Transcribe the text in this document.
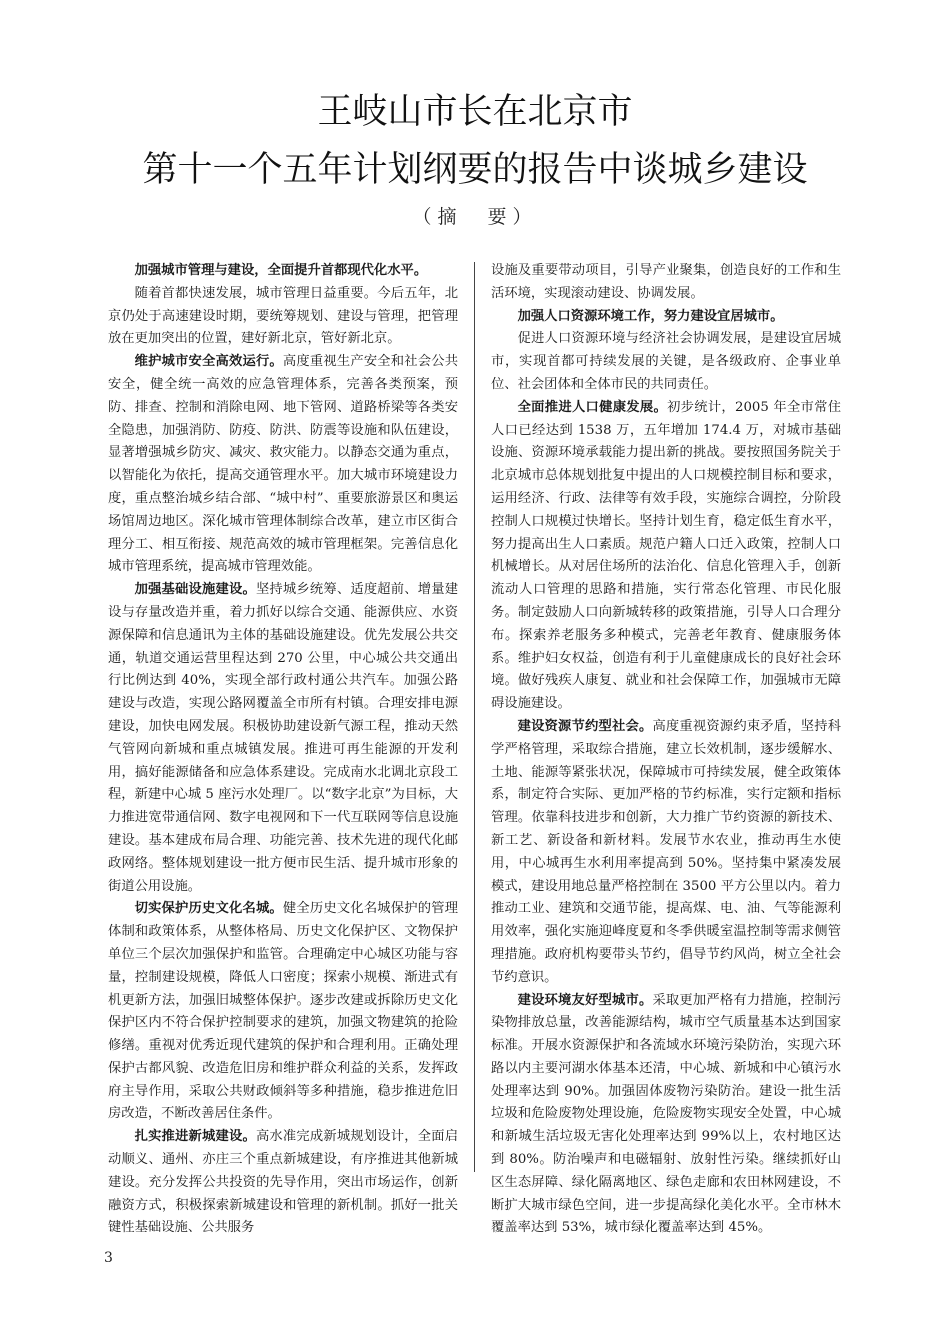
王岐山市长在北京市
第十一个五年计划纲要的报告中谈城乡建设
（摘　要）
加强城市管理与建设，全面提升首都现代化水平。

随着首都快速发展，城市管理日益重要。今后五年，北京仍处于高速建设时期，要统筹规划、建设与管理，把管理放在更加突出的位置，建好新北京，管好新北京。

维护城市安全高效运行。高度重视生产安全和社会公共安全，健全统一高效的应急管理体系，完善各类预案，预防、排查、控制和消除电网、地下管网、道路桥梁等各类安全隐患，加强消防、防疫、防洪、防震等设施和队伍建设，显著增强城乡防灾、减灾、救灾能力。以静态交通为重点，以智能化为依托，提高交通管理水平。加大城市环境建设力度，重点整治城乡结合部、“城中村”、重要旅游景区和奥运场馆周边地区。深化城市管理体制综合改革，建立市区街合理分工、相互衔接、规范高效的城市管理框架。完善信息化城市管理系统，提高城市管理效能。

加强基础设施建设。坚持城乡统筹、适度超前、增量建设与存量改造并重，着力抓好以综合交通、能源供应、水资源保障和信息通讯为主体的基础设施建设。优先发展公共交通，轨道交通运营里程达到 270 公里，中心城公共交通出行比例达到 40%，实现全部行政村通公共汽车。加强公路建设与改造，实现公路网覆盖全市所有村镇。合理安排电源建设，加快电网发展。积极协助建设新气源工程，推动天然气管网向新城和重点城镇发展。推进可再生能源的开发利用，搞好能源储备和应急体系建设。完成南水北调北京段工程，新建中心城 5 座污水处理厂。以“数字北京”为目标，大力推进宽带通信网、数字电视网和下一代互联网等信息设施建设。基本建成布局合理、功能完善、技术先进的现代化邮政网络。整体规划建设一批方便市民生活、提升城市形象的街道公用设施。

切实保护历史文化名城。健全历史文化名城保护的管理体制和政策体系，从整体格局、历史文化保护区、文物保护单位三个层次加强保护和监管。合理确定中心城区功能与容量，控制建设规模，降低人口密度；探索小规模、渐进式有机更新方法，加强旧城整体保护。逐步改建或拆除历史文化保护区内不符合保护控制要求的建筑，加强文物建筑的抢险修缮。重视对优秀近现代建筑的保护和合理利用。正确处理保护古都风貌、改造危旧房和维护群众利益的关系，发挥政府主导作用，采取公共财政倾斜等多种措施，稳步推进危旧房改造，不断改善居住条件。

扎实推进新城建设。高水准完成新城规划设计，全面启动顺义、通州、亦庄三个重点新城建设，有序推进其他新城建设。充分发挥公共投资的先导作用，突出市场运作，创新融资方式，积极探索新城建设和管理的新机制。抓好一批关键性基础设施、公共服务

设施及重要带动项目，引导产业聚集，创造良好的工作和生活环境，实现滚动建设、协调发展。

加强人口资源环境工作，努力建设宜居城市。

促进人口资源环境与经济社会协调发展，是建设宜居城市，实现首都可持续发展的关键，是各级政府、企事业单位、社会团体和全体市民的共同责任。

全面推进人口健康发展。初步统计，2005 年全市常住人口已经达到 1538 万，五年增加 174.4 万，对城市基础设施、资源环境承载能力提出新的挑战。要按照国务院关于北京城市总体规划批复中提出的人口规模控制目标和要求，运用经济、行政、法律等有效手段，实施综合调控，分阶段控制人口规模过快增长。坚持计划生育，稳定低生育水平，努力提高出生人口素质。规范户籍人口迁入政策，控制人口机械增长。从对居住场所的法治化、信息化管理入手，创新流动人口管理的思路和措施，实行常态化管理、市民化服务。制定鼓励人口向新城转移的政策措施，引导人口合理分布。探索养老服务多种模式，完善老年教育、健康服务体系。维护妇女权益，创造有利于儿童健康成长的良好社会环境。做好残疾人康复、就业和社会保障工作，加强城市无障碍设施建设。

建设资源节约型社会。高度重视资源约束矛盾，坚持科学严格管理，采取综合措施，建立长效机制，逐步缓解水、土地、能源等紧张状况，保障城市可持续发展，健全政策体系，制定符合实际、更加严格的节约标准，实行定额和指标管理。依靠科技进步和创新，大力推广节约资源的新技术、新工艺、新设备和新材料。发展节水农业，推动再生水使用，中心城再生水利用率提高到 50%。坚持集中紧凑发展模式，建设用地总量严格控制在 3500 平方公里以内。着力推动工业、建筑和交通节能，提高煤、电、油、气等能源利用效率，强化实施迎峰度夏和冬季供暖室温控制等需求侧管理措施。政府机构要带头节约，倡导节约风尚，树立全社会节约意识。

建设环境友好型城市。采取更加严格有力措施，控制污染物排放总量，改善能源结构，城市空气质量基本达到国家标准。开展水资源保护和各流域水环境污染防治，实现六环路以内主要河湖水体基本还清，中心城、新城和中心镇污水处理率达到 90%。加强固体废物污染防治。建设一批生活垃圾和危险废物处理设施，危险废物实现安全处置，中心城和新城生活垃圾无害化处理率达到 99%以上，农村地区达到 80%。防治噪声和电磁辐射、放射性污染。继续抓好山区生态屏障、绿化隔离地区、绿色走廊和农田林网建设，不断扩大城市绿色空间，进一步提高绿化美化水平。全市林木覆盖率达到 53%，城市绿化覆盖率达到 45%。

3
